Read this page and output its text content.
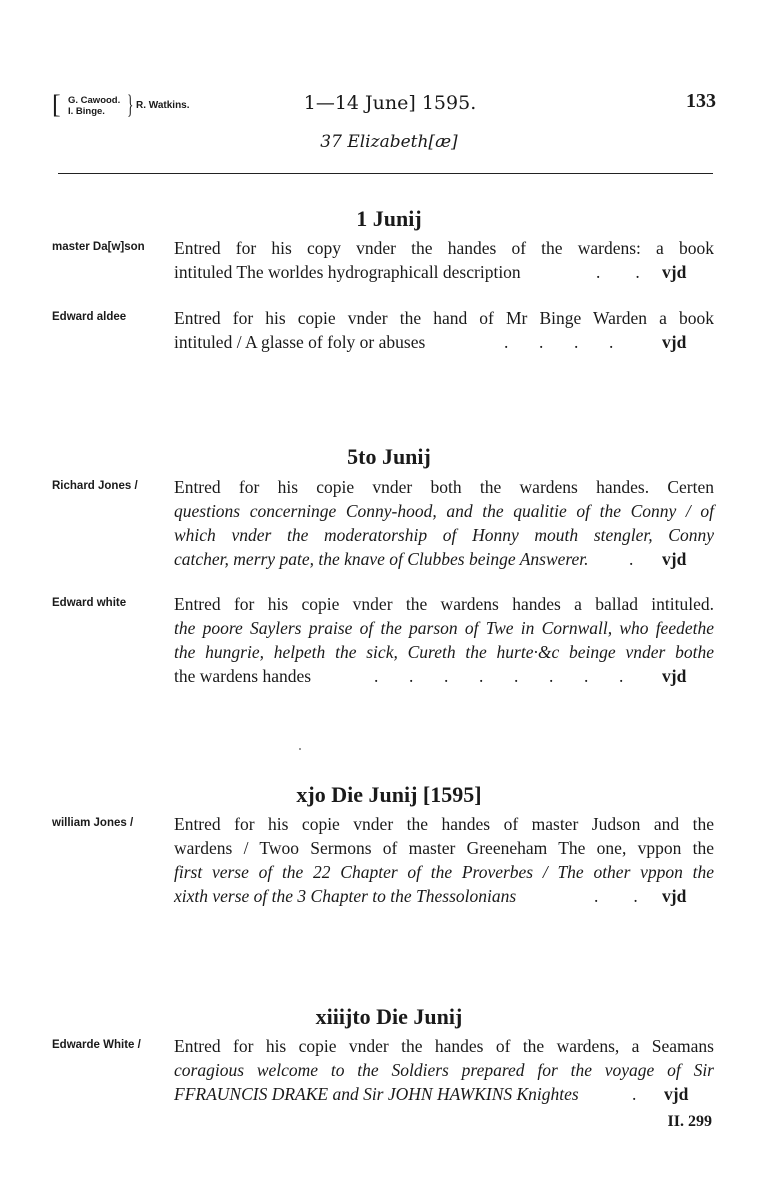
[ G. Cawood.
I. Binge. } R. Watkins.	1—14 June] 1595.	133
37 Elizabeth[æ]
1 Junij
master Da[w]son Entred for his copy vnder the handes of the wardens: a book
intituled The worldes hydrographicall description	.        . vjd
Edward aldee	Entred for his copie vnder the hand of Mr Binge Warden a book
intituled / A glasse of foly or abuses	.       .       .       .	vjd
5to Junij
Richard Jones / Entred for his copie vnder both the wardens handes. Certen
questions concerninge Conny-hood, and the qualitie of the Conny / of
which vnder the moderatorship of Honny mouth stengler, Conny
catcher, merry pate, the knave of Clubbes beinge Answerer. . vjd
Edward white	Entred for his copie vnder the wardens handes a ballad intituled.
the poore Saylers praise of the parson of Twe in Cornwall, who feedethe
the hungrie, helpeth the sick, Cureth the hurte·&c beinge vnder bothe
the wardens handes	.       .       .       .       .       .       .       . vjd
xjo Die Junij [1595]
william Jones / Entred for his copie vnder the handes of master Judson and the
wardens / Twoo Sermons of master Greeneham The one, vppon the
first verse of the 22 Chapter of the Proverbes / The other vppon the
xixth verse of the 3 Chapter to the Thessolonians	.        . vjd
xiiijto Die Junij
Edwarde White / Entred for his copie vnder the handes of the wardens, a Seamans
coragious welcome to the Soldiers prepared for the voyage of Sir
FFRAUNCIS DRAKE and Sir JOHN HAWKINS Knightes	. vjd
II. 299
